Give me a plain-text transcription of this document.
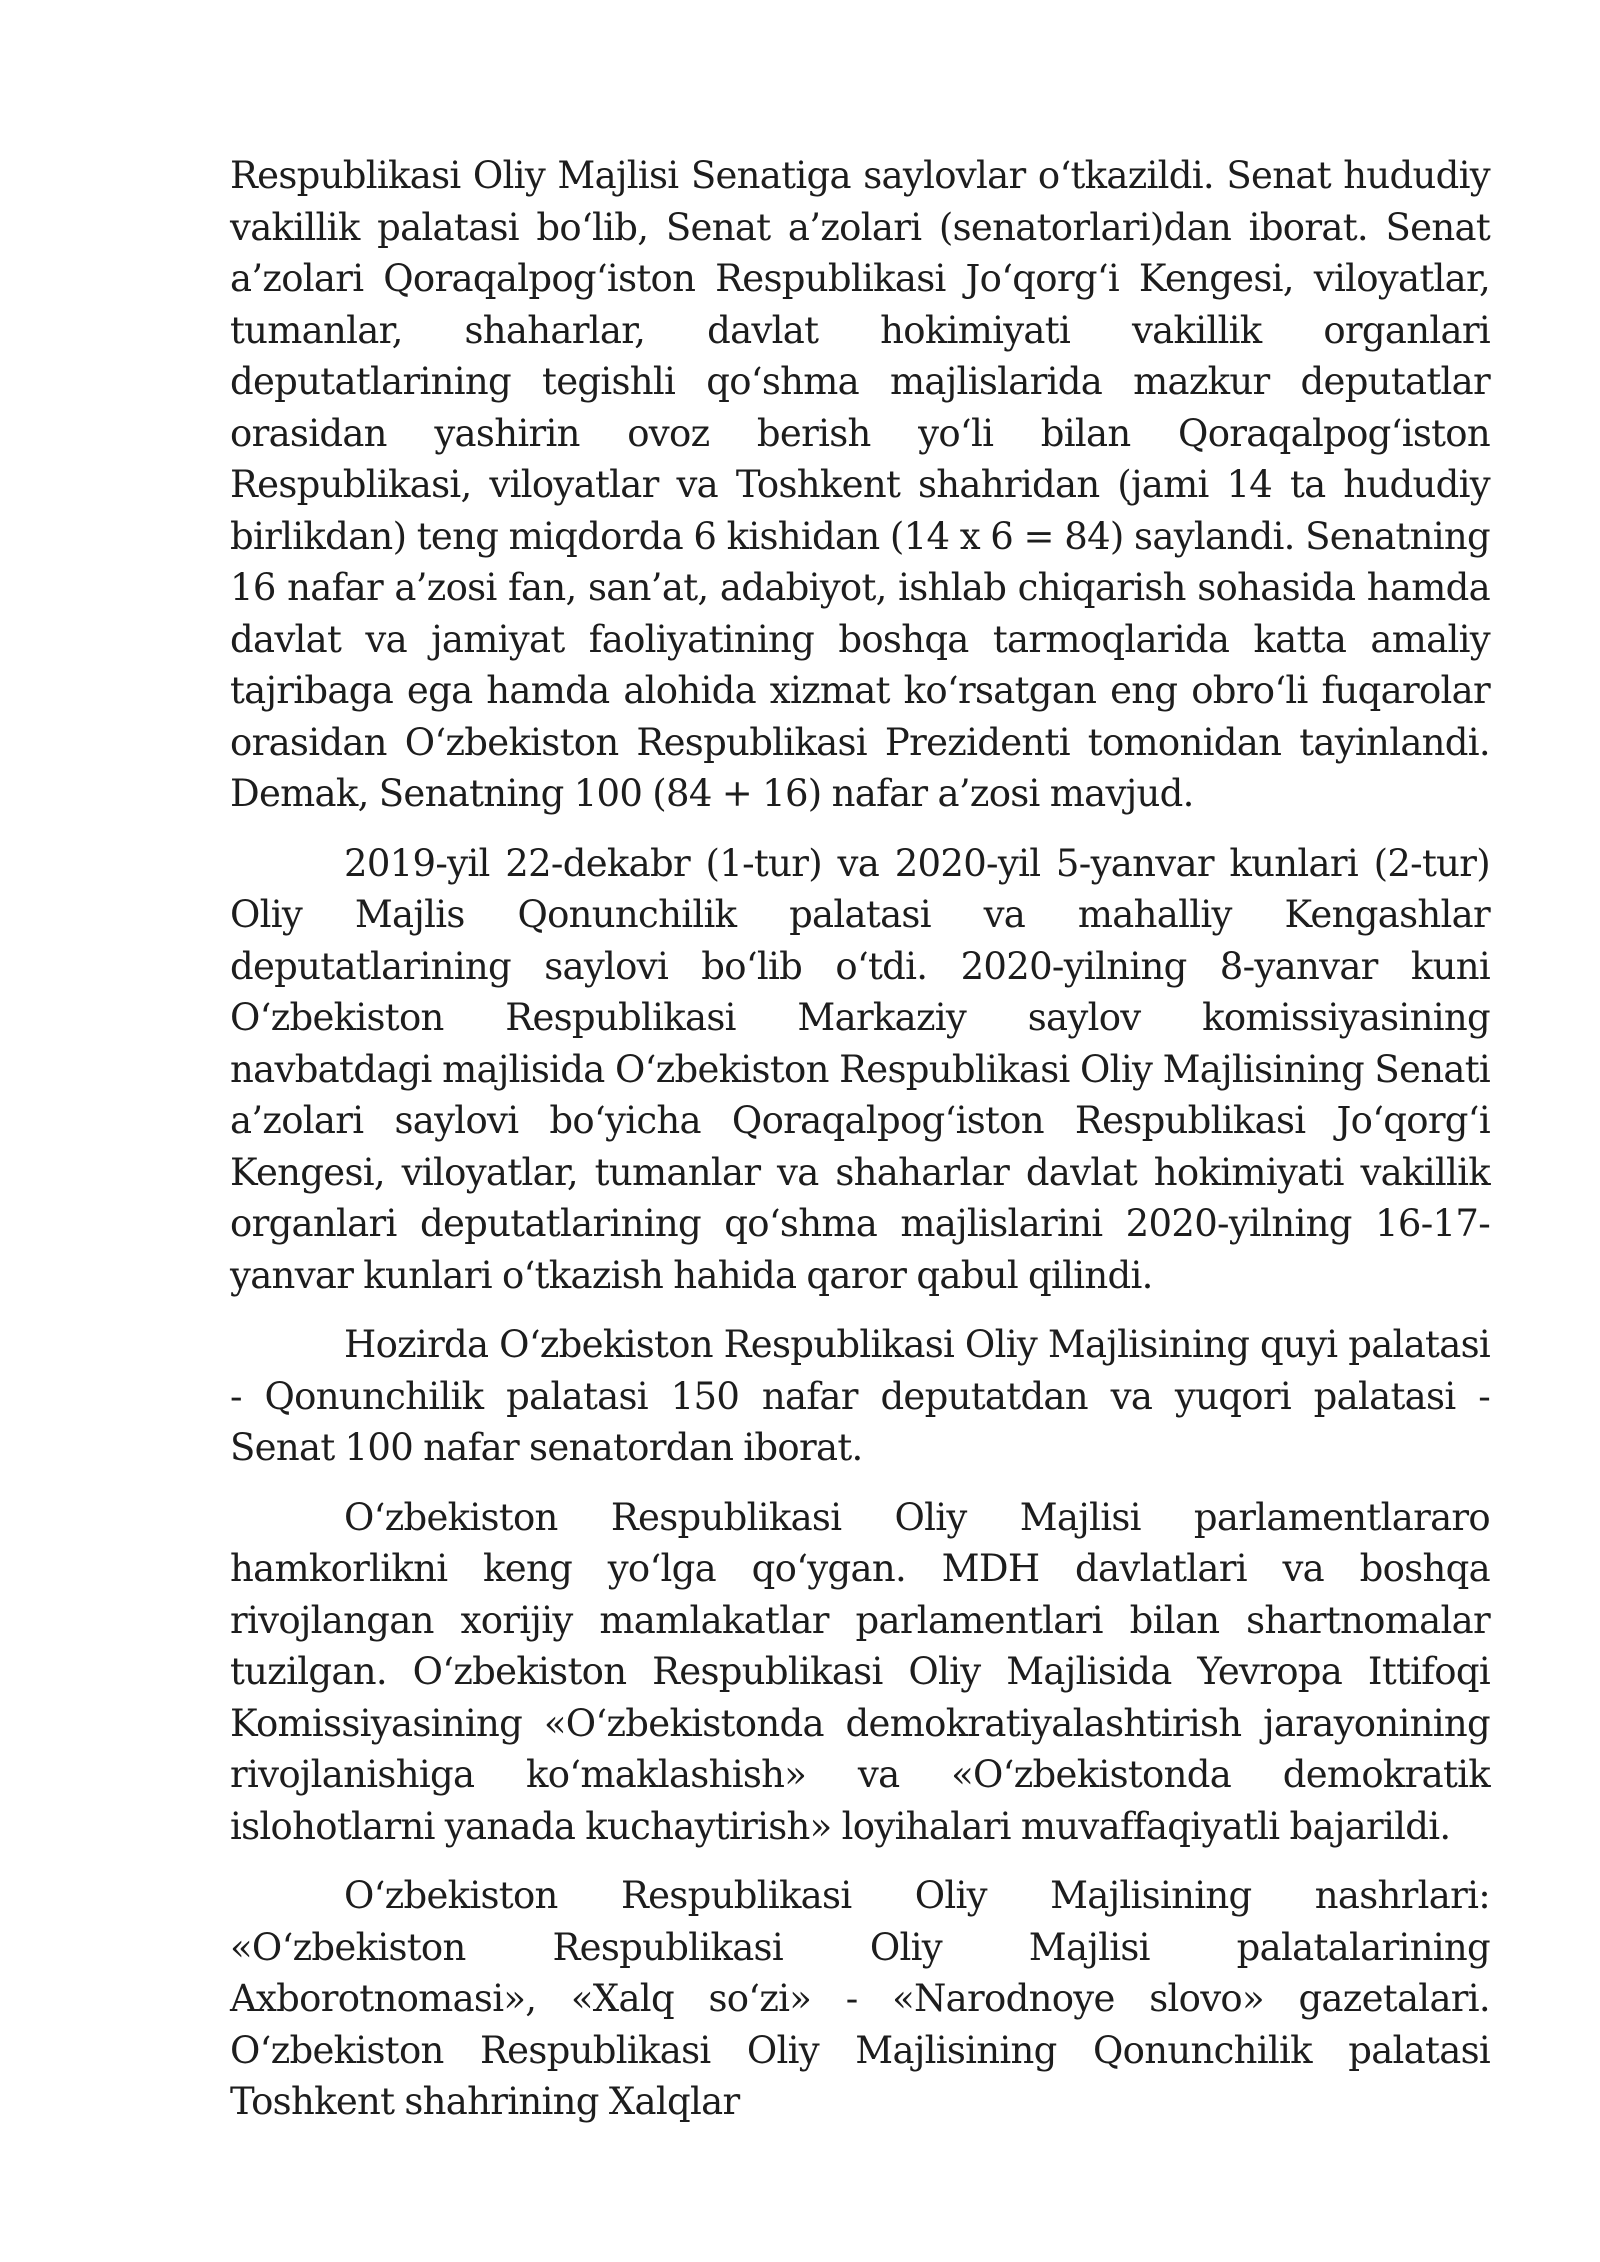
Respublikasi Oliy Majlisi Senatiga saylovlar o‘tkazildi. Senat hududiy vakillik palatasi bo‘lib, Senat a’zolari (senatorlari)dan iborat. Senat a’zolari Qoraqalpog‘iston Respublikasi Jo‘qorg‘i Kengesi, viloyatlar, tumanlar, shaharlar, davlat hokimiyati vakillik organlari deputatlarining tegishli qo‘shma majlislarida mazkur deputatlar orasidan yashirin ovoz berish yo‘li bilan Qoraqalpog‘iston Respublikasi, viloyatlar va Toshkent shahridan (jami 14 ta hududiy birlikdan) teng miqdorda 6 kishidan (14 x 6 = 84) saylandi. Senatning 16 nafar a’zosi fan, san’at, adabiyot, ishlab chiqarish sohasida hamda davlat va jamiyat faoliyatining boshqa tarmoqlarida katta amaliy tajribaga ega hamda alohida xizmat ko‘rsatgan eng obro‘li fuqarolar orasidan O‘zbekiston Respublikasi Prezidenti tomonidan tayinlandi. Demak, Senatning 100 (84 + 16) nafar a’zosi mavjud.

2019-yil 22-dekabr (1-tur) va 2020-yil 5-yanvar kunlari (2-tur) Oliy Majlis Qonunchilik palatasi va mahalliy Kengashlar deputatlarining saylovi bo‘lib o‘tdi. 2020-yilning 8-yanvar kuni O‘zbekiston Respublikasi Markaziy saylov komissiyasining navbatdagi majlisida O‘zbekiston Respublikasi Oliy Majlisining Senati a’zolari saylovi bo‘yicha Qoraqalpog‘iston Respublikasi Jo‘qorg‘i Kengesi, viloyatlar, tumanlar va shaharlar davlat hokimiyati vakillik organlari deputatlarining qo‘shma majlislarini 2020-yilning 16-17-yanvar kunlari o‘tkazish hahida qaror qabul qilindi.

Hozirda O‘zbekiston Respublikasi Oliy Majlisining quyi palatasi - Qonunchilik palatasi 150 nafar deputatdan va yuqori palatasi - Senat 100 nafar senatordan iborat.

O‘zbekiston Respublikasi Oliy Majlisi parlamentlararo hamkorlikni keng yo‘lga qo‘ygan. MDH davlatlari va boshqa rivojlangan xorijiy mamlakatlar parlamentlari bilan shartnomalar tuzilgan. O‘zbekiston Respublikasi Oliy Majlisida Yevropa Ittifoqi Komissiyasining «O‘zbekistonda demokratiyalashtirish jarayonining rivojlanishiga ko‘maklashish» va «O‘zbekistonda demokratik islohotlarni yanada kuchaytirish» loyihalari muvaffaqiyatli bajarildi.

O‘zbekiston Respublikasi Oliy Majlisining nashrlari: «O‘zbekiston Respublikasi Oliy Majlisi palatalarining Axborotnomasi», «Xalq so‘zi» - «Narodnoye slovo» gazetalari. O‘zbekiston Respublikasi Oliy Majlisining Qonunchilik palatasi Toshkent shahrining Xalqlar
